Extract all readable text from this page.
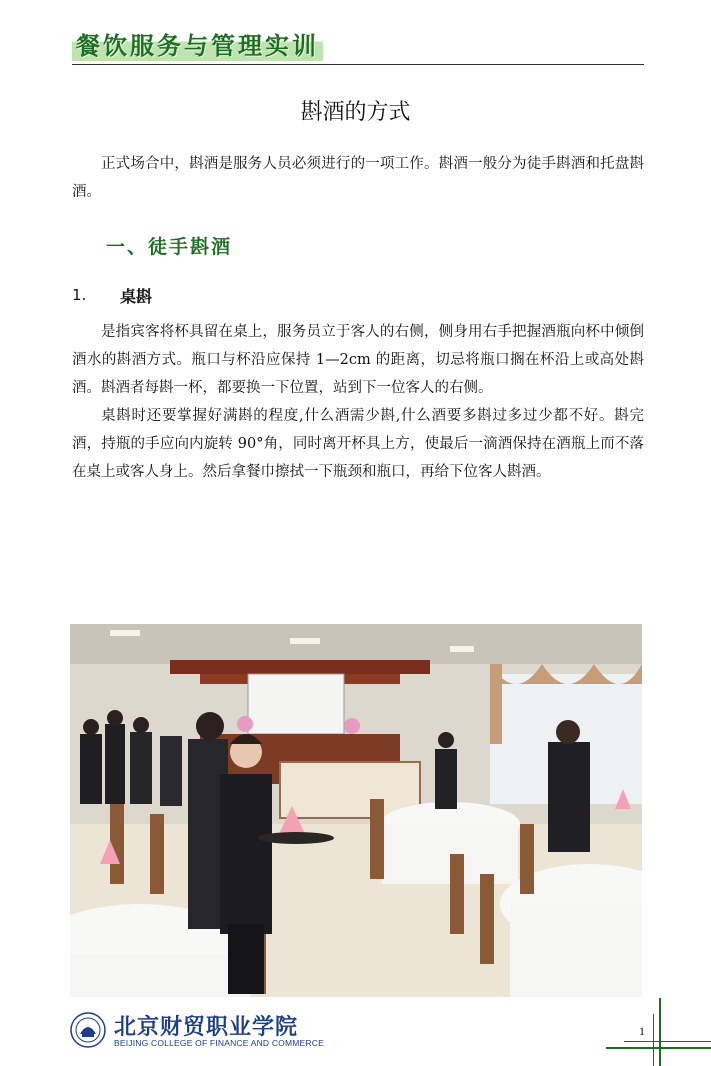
餐饮服务与管理实训
斟酒的方式

正式场合中，斟酒是服务人员必须进行的一项工作。斟酒一般分为徒手斟酒和托盘斟酒。

一、徒手斟酒
1. 桌斟

是指宾客将杯具留在桌上，服务员立于客人的右侧，侧身用右手把握酒瓶向杯中倾倒酒水的斟酒方式。瓶口与杯沿应保持 1—2cm 的距离，切忌将瓶口搁在杯沿上或高处斟酒。斟酒者每斟一杯，都要换一下位置，站到下一位客人的右侧。

桌斟时还要掌握好满斟的程度,什么酒需少斟,什么酒要多斟过多过少都不好。斟完酒，持瓶的手应向内旋转 90°角，同时离开杯具上方，使最后一滴酒保持在酒瓶上而不落在桌上或客人身上。然后拿餐巾擦拭一下瓶颈和瓶口，再给下位客人斟酒。

北京财贸职业学院
BEIJING COLLEGE OF FINANCE AND COMMERCE
1
